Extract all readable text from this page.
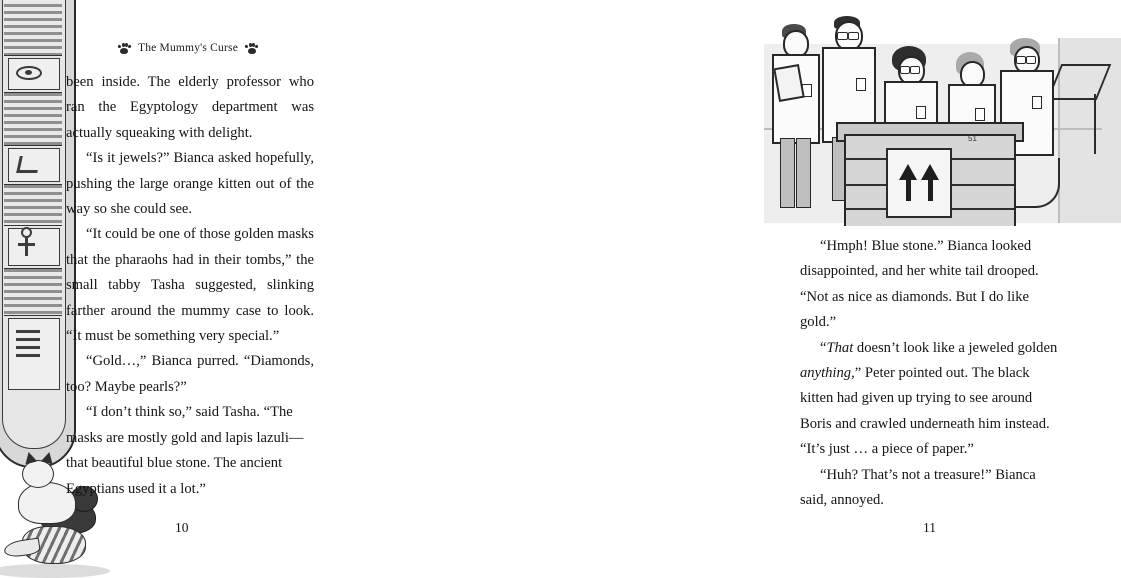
The Mummy's Curse

been inside. The elderly professor who ran the Egyptology department was actually squeaking with delight.

“Is it jewels?” Bianca asked hopefully, pushing the large orange kitten out of the way so she could see.

“It could be one of those golden masks that the pharaohs had in their tombs,” the small tabby Tasha suggested, slinking farther around the mummy case to look. “It must be something very special.”

“Gold…,” Bianca purred. “Diamonds, too? Maybe pearls?”

“I don’t think so,” said Tasha. “The masks are mostly gold and lapis lazuli—that beautiful blue stone. The ancient Egyptians used it a lot.”

10
51

“Hmph! Blue stone.” Bianca looked disappointed, and her white tail drooped. “Not as nice as diamonds. But I do like gold.”

“That doesn’t look like a jeweled golden anything,” Peter pointed out. The black kitten had given up trying to see around Boris and crawled underneath him instead. “It’s just … a piece of paper.”

“Huh? That’s not a treasure!” Bianca said, annoyed.

11
